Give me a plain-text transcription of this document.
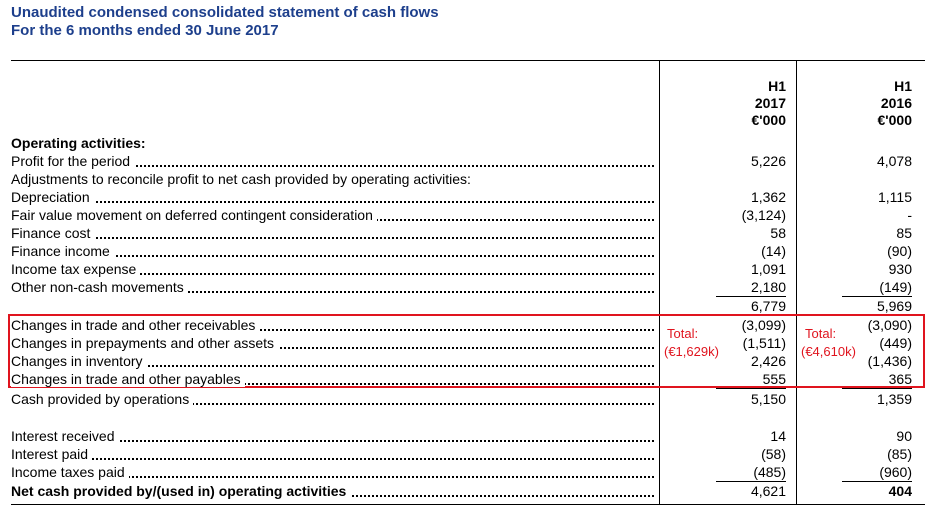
Unaudited condensed consolidated statement of cash flows
For the 6 months ended 30 June 2017
H1
2017
€'000
H1
2016
€'000
Operating activities:
Profit for the period	5,226	4,078
Adjustments to reconcile profit to net cash provided by operating activities:
Depreciation	1,362	1,115
Fair value movement on deferred contingent consideration	(3,124)	-
Finance cost	58	85
Finance income	(14)	(90)
Income tax expense	1,091	930
Other non-cash movements	2,180	(149)
6,779	5,969
Changes in trade and other receivables	(3,099)	(3,090)
Changes in prepayments and other assets	(1,511)	(449)
Changes in inventory	2,426	(1,436)
Changes in trade and other payables	555	365
Cash provided by operations	5,150	1,359
Interest received	14	90
Interest paid	(58)	(85)
Income taxes paid	(485)	(960)
Net cash provided by/(used in) operating activities	4,621	404
Total:
(€1,629k)
Total:
(€4,610k)
